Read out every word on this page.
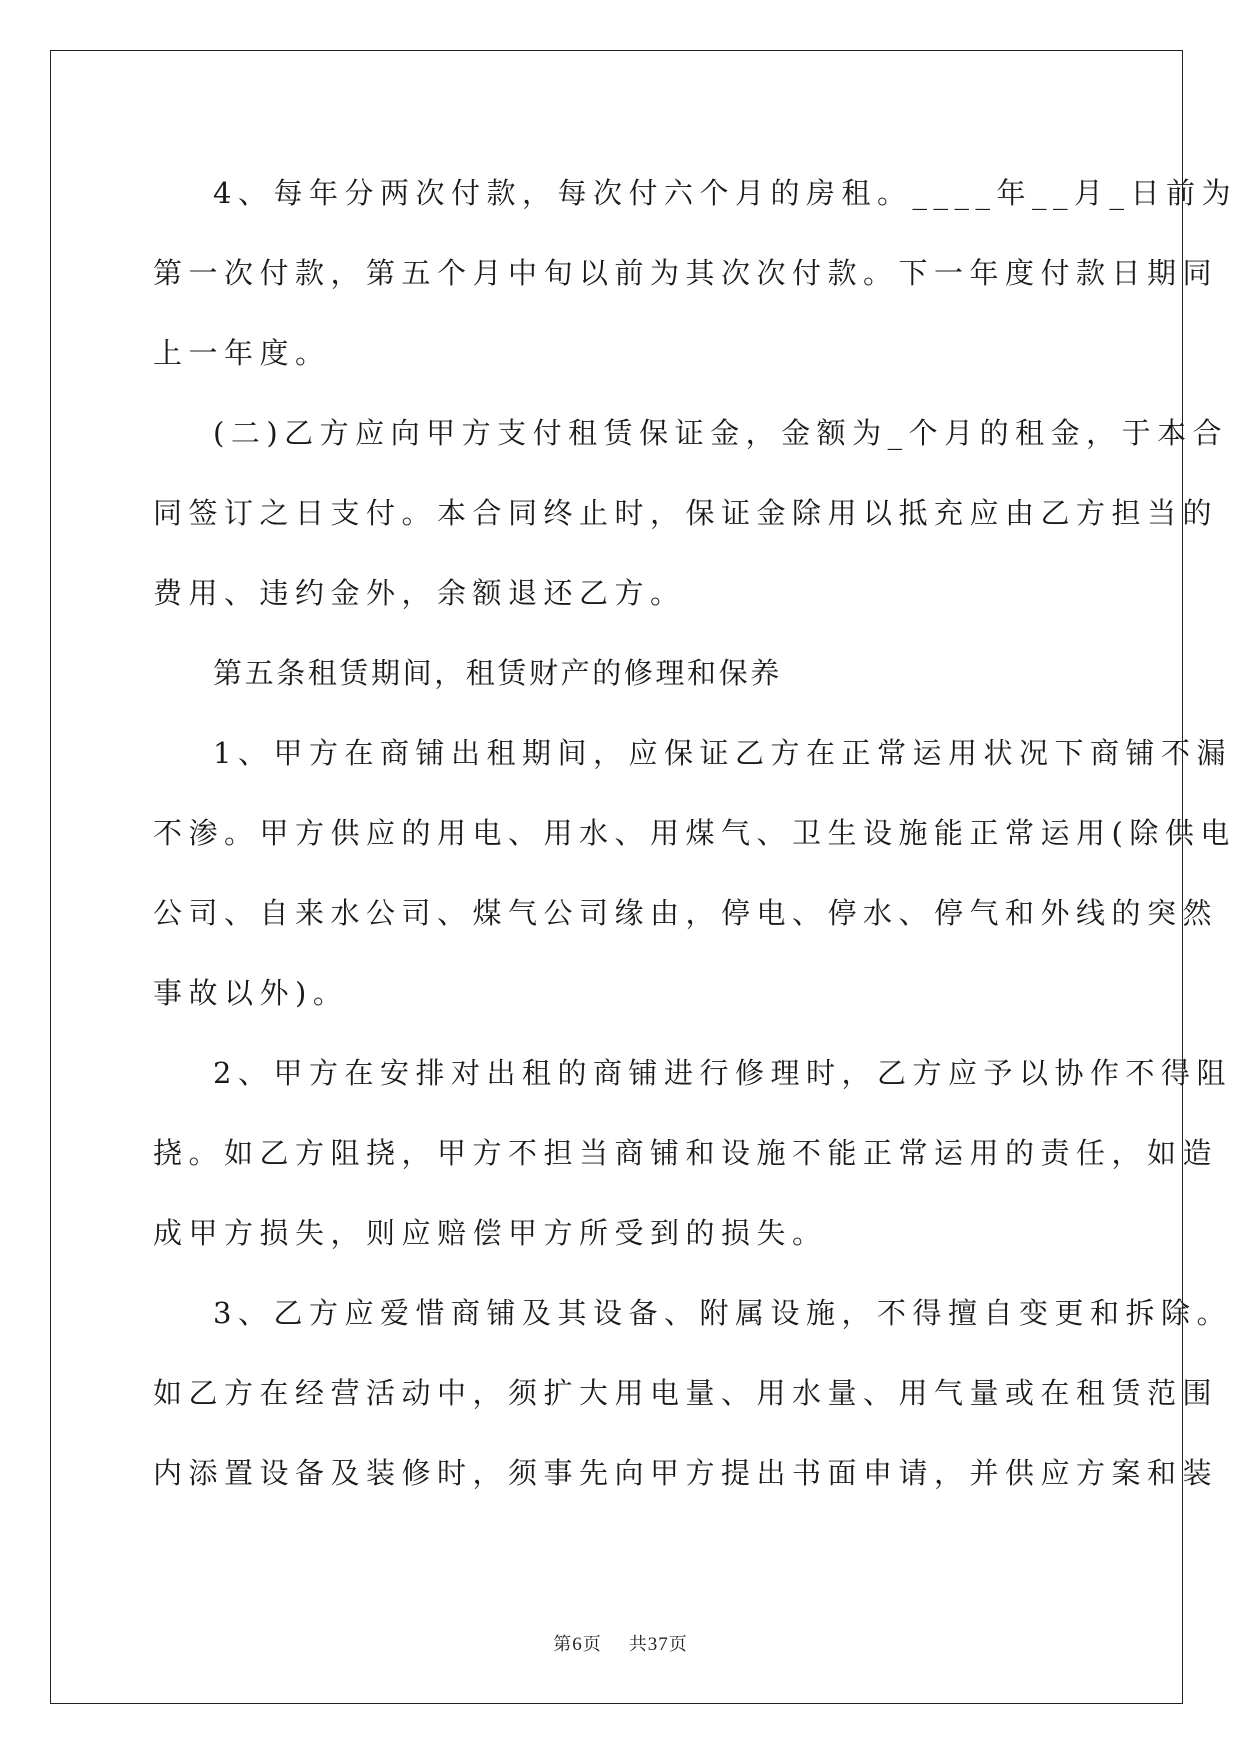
4、每年分两次付款，每次付六个月的房租。____年__月_日前为
第一次付款，第五个月中旬以前为其次次付款。下一年度付款日期同
上一年度。
(二)乙方应向甲方支付租赁保证金，金额为_个月的租金，于本合
同签订之日支付。本合同终止时，保证金除用以抵充应由乙方担当的
费用、违约金外，余额退还乙方。
第五条租赁期间，租赁财产的修理和保养
1、甲方在商铺出租期间，应保证乙方在正常运用状况下商铺不漏
不渗。甲方供应的用电、用水、用煤气、卫生设施能正常运用(除供电
公司、自来水公司、煤气公司缘由，停电、停水、停气和外线的突然
事故以外)。
2、甲方在安排对出租的商铺进行修理时，乙方应予以协作不得阻
挠。如乙方阻挠，甲方不担当商铺和设施不能正常运用的责任，如造
成甲方损失，则应赔偿甲方所受到的损失。
3、乙方应爱惜商铺及其设备、附属设施，不得擅自变更和拆除。
如乙方在经营活动中，须扩大用电量、用水量、用气量或在租赁范围
内添置设备及装修时，须事先向甲方提出书面申请，并供应方案和装
第6页 共37页
